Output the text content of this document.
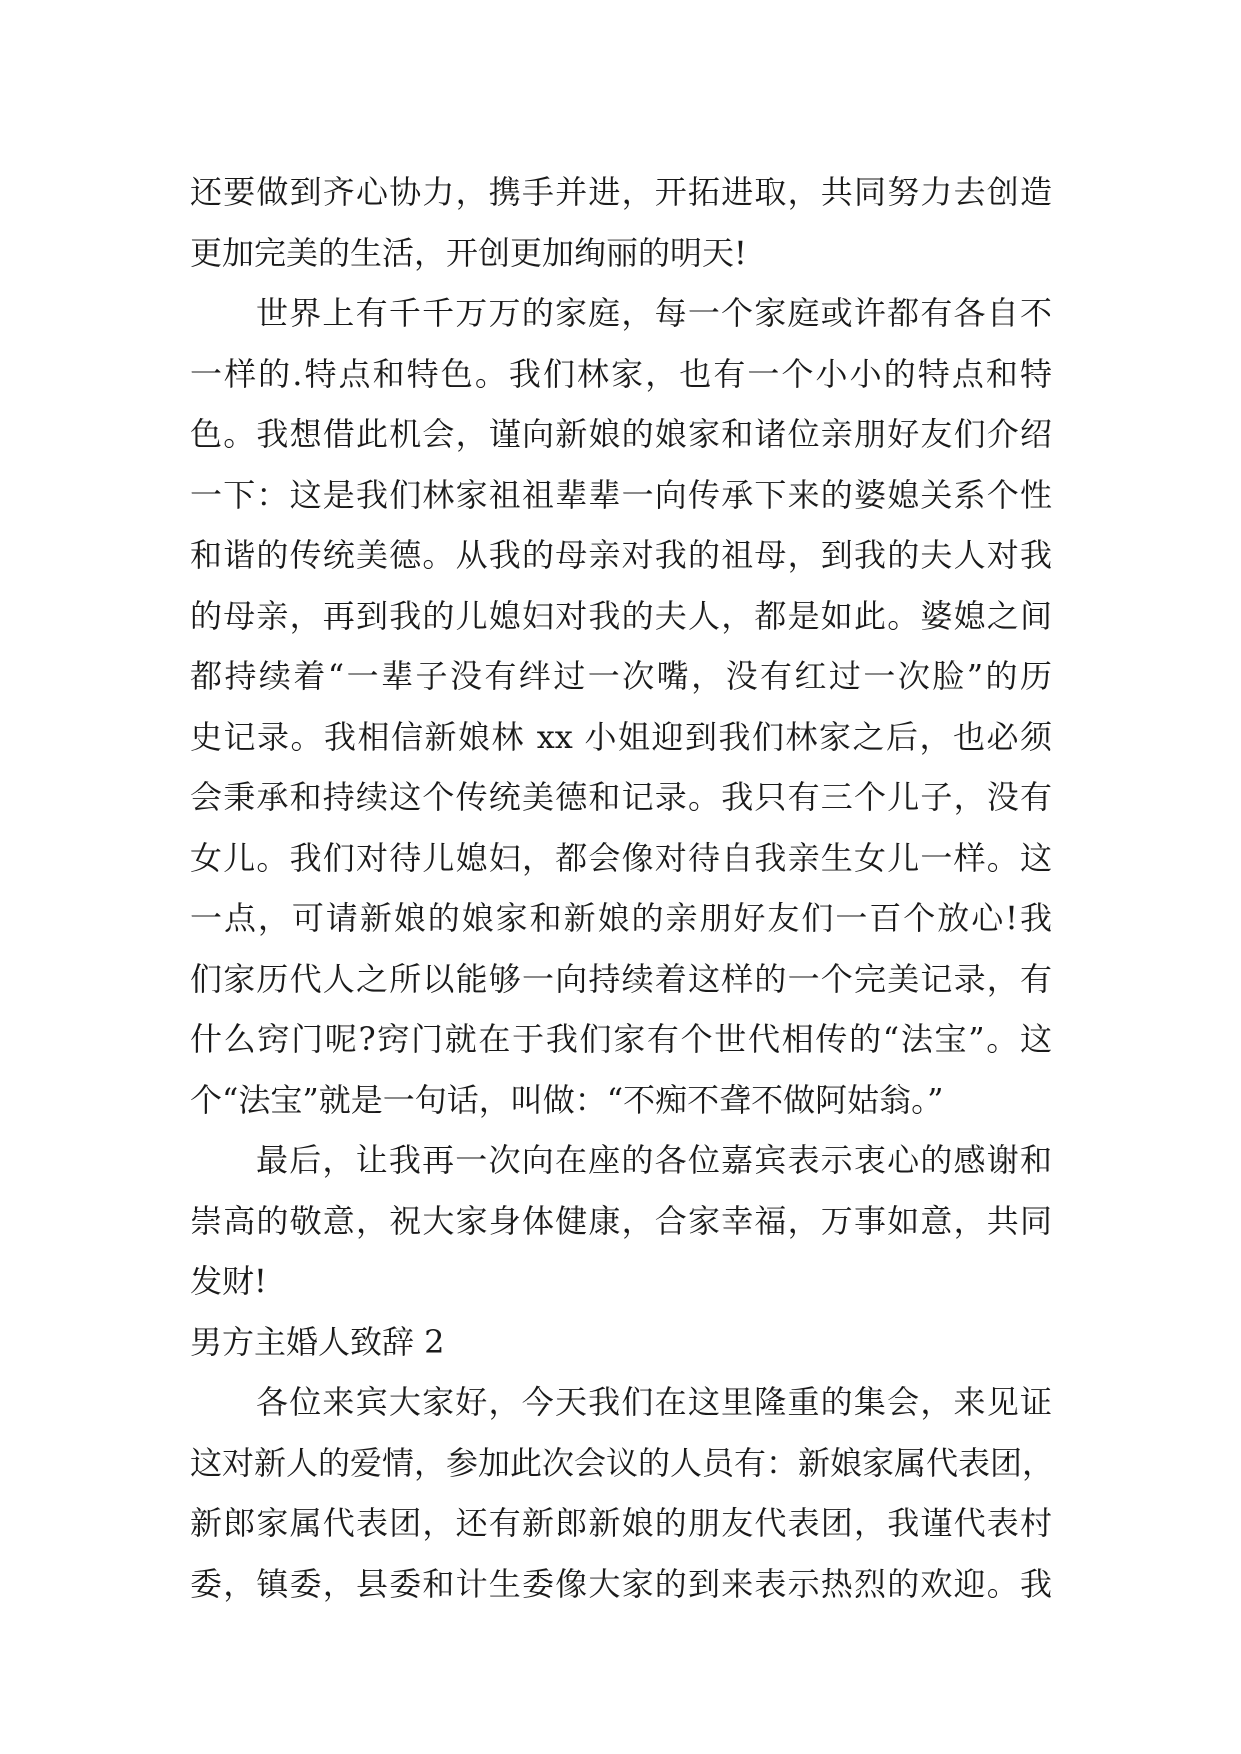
还要做到齐心协力，携手并进，开拓进取，共同努力去创造
更加完美的生活，开创更加绚丽的明天!
世界上有千千万万的家庭，每一个家庭或许都有各自不
一样的.特点和特色。我们林家，也有一个小小的特点和特
色。我想借此机会，谨向新娘的娘家和诸位亲朋好友们介绍
一下：这是我们林家祖祖辈辈一向传承下来的婆媳关系个性
和谐的传统美德。从我的母亲对我的祖母，到我的夫人对我
的母亲，再到我的儿媳妇对我的夫人，都是如此。婆媳之间
都持续着“一辈子没有绊过一次嘴，没有红过一次脸”的历
史记录。我相信新娘林 xx 小姐迎到我们林家之后，也必须
会秉承和持续这个传统美德和记录。我只有三个儿子，没有
女儿。我们对待儿媳妇，都会像对待自我亲生女儿一样。这
一点，可请新娘的娘家和新娘的亲朋好友们一百个放心!我
们家历代人之所以能够一向持续着这样的一个完美记录，有
什么窍门呢?窍门就在于我们家有个世代相传的“法宝”。这
个“法宝”就是一句话，叫做：“不痴不聋不做阿姑翁。”
最后，让我再一次向在座的各位嘉宾表示衷心的感谢和
崇高的敬意，祝大家身体健康，合家幸福，万事如意，共同
发财!
男方主婚人致辞 2
各位来宾大家好，今天我们在这里隆重的集会，来见证
这对新人的爱情，参加此次会议的人员有：新娘家属代表团，
新郎家属代表团，还有新郎新娘的朋友代表团，我谨代表村
委，镇委，县委和计生委像大家的到来表示热烈的欢迎。我
